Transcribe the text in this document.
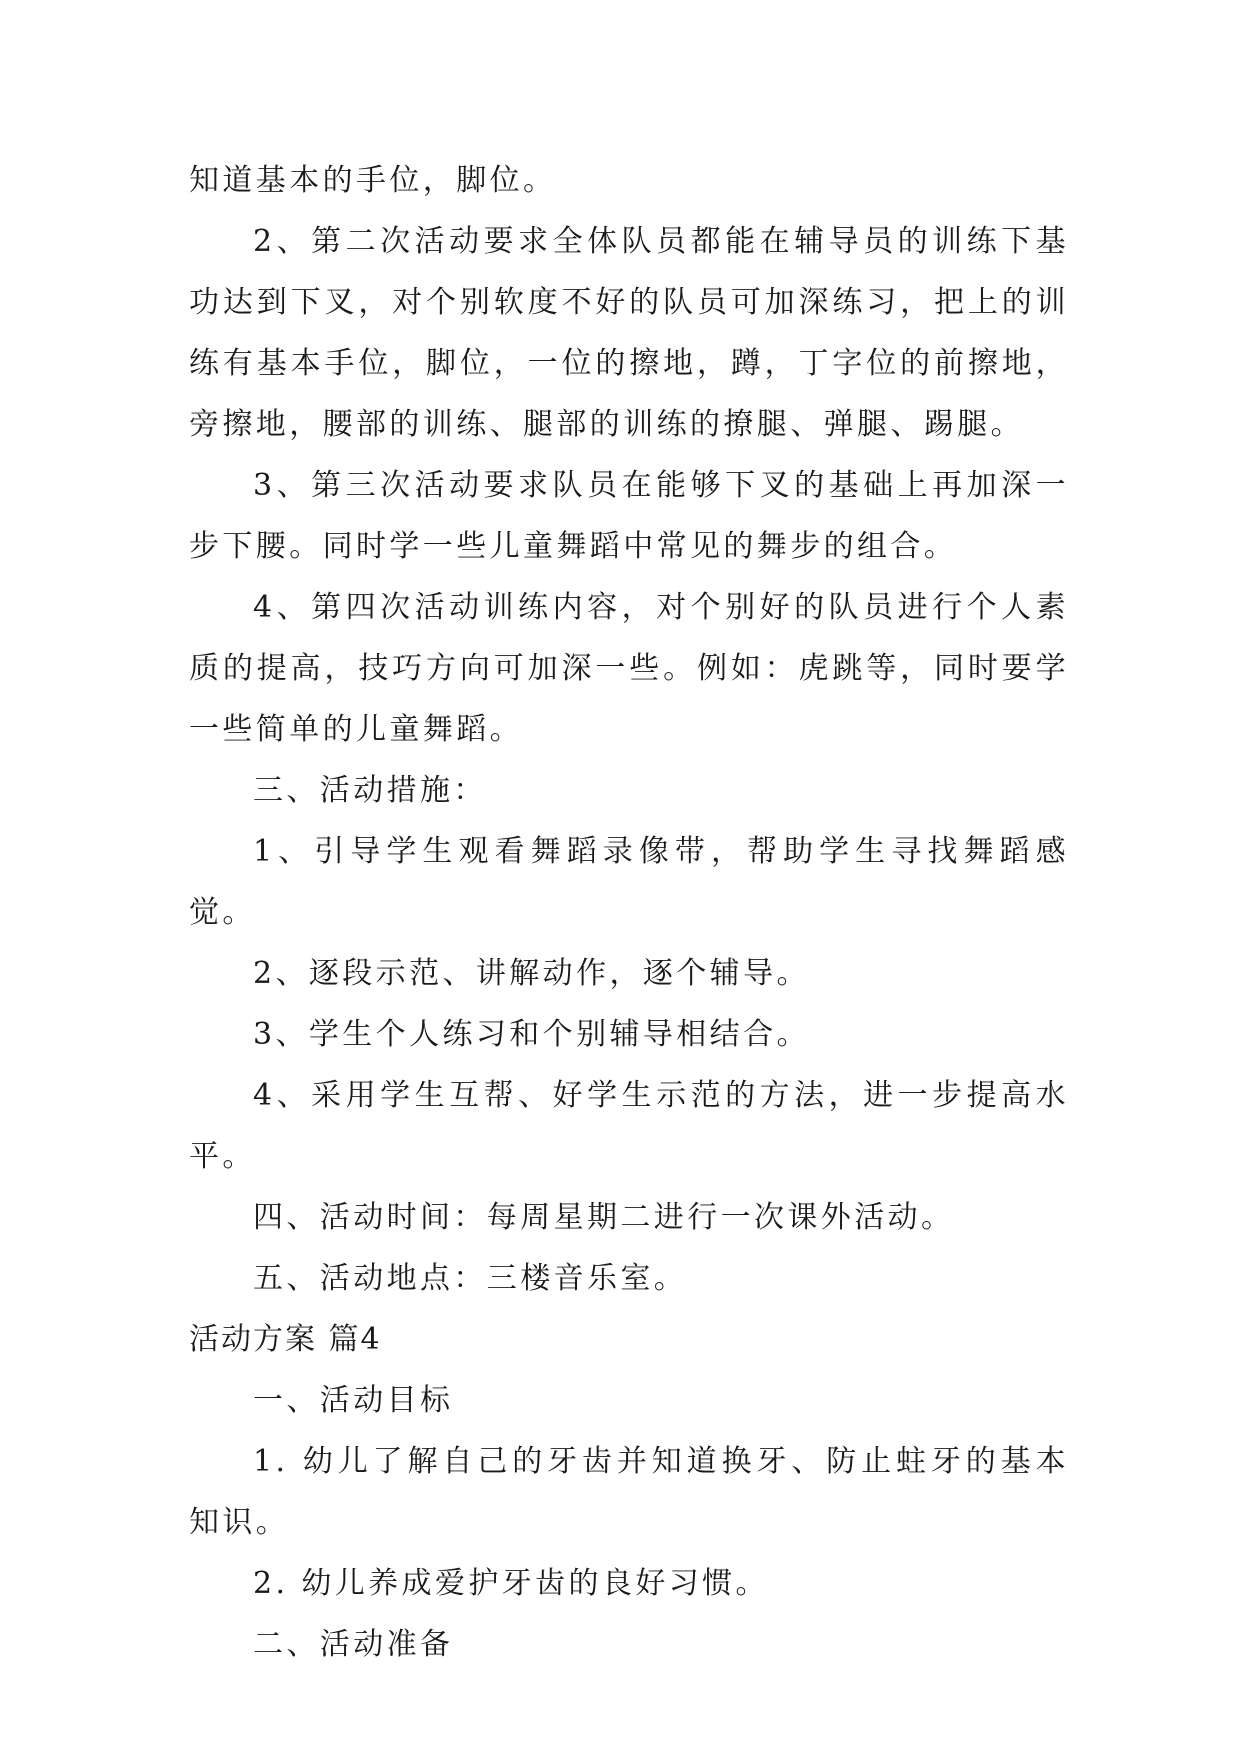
知道基本的手位，脚位。

2、第二次活动要求全体队员都能在辅导员的训练下基功达到下叉，对个别软度不好的队员可加深练习，把上的训练有基本手位，脚位，一位的擦地，蹲，丁字位的前擦地，旁擦地，腰部的训练、腿部的训练的撩腿、弹腿、踢腿。

3、第三次活动要求队员在能够下叉的基础上再加深一步下腰。同时学一些儿童舞蹈中常见的舞步的组合。

4、第四次活动训练内容，对个别好的队员进行个人素质的提高，技巧方向可加深一些。例如：虎跳等，同时要学一些简单的儿童舞蹈。

三、活动措施：

1、引导学生观看舞蹈录像带，帮助学生寻找舞蹈感觉。

2、逐段示范、讲解动作，逐个辅导。

3、学生个人练习和个别辅导相结合。

4、采用学生互帮、好学生示范的方法，进一步提高水平。

四、活动时间：每周星期二进行一次课外活动。

五、活动地点：三楼音乐室。

活动方案 篇4

一、活动目标

1. 幼儿了解自己的牙齿并知道换牙、防止蛀牙的基本知识。

2. 幼儿养成爱护牙齿的良好习惯。

二、活动准备
